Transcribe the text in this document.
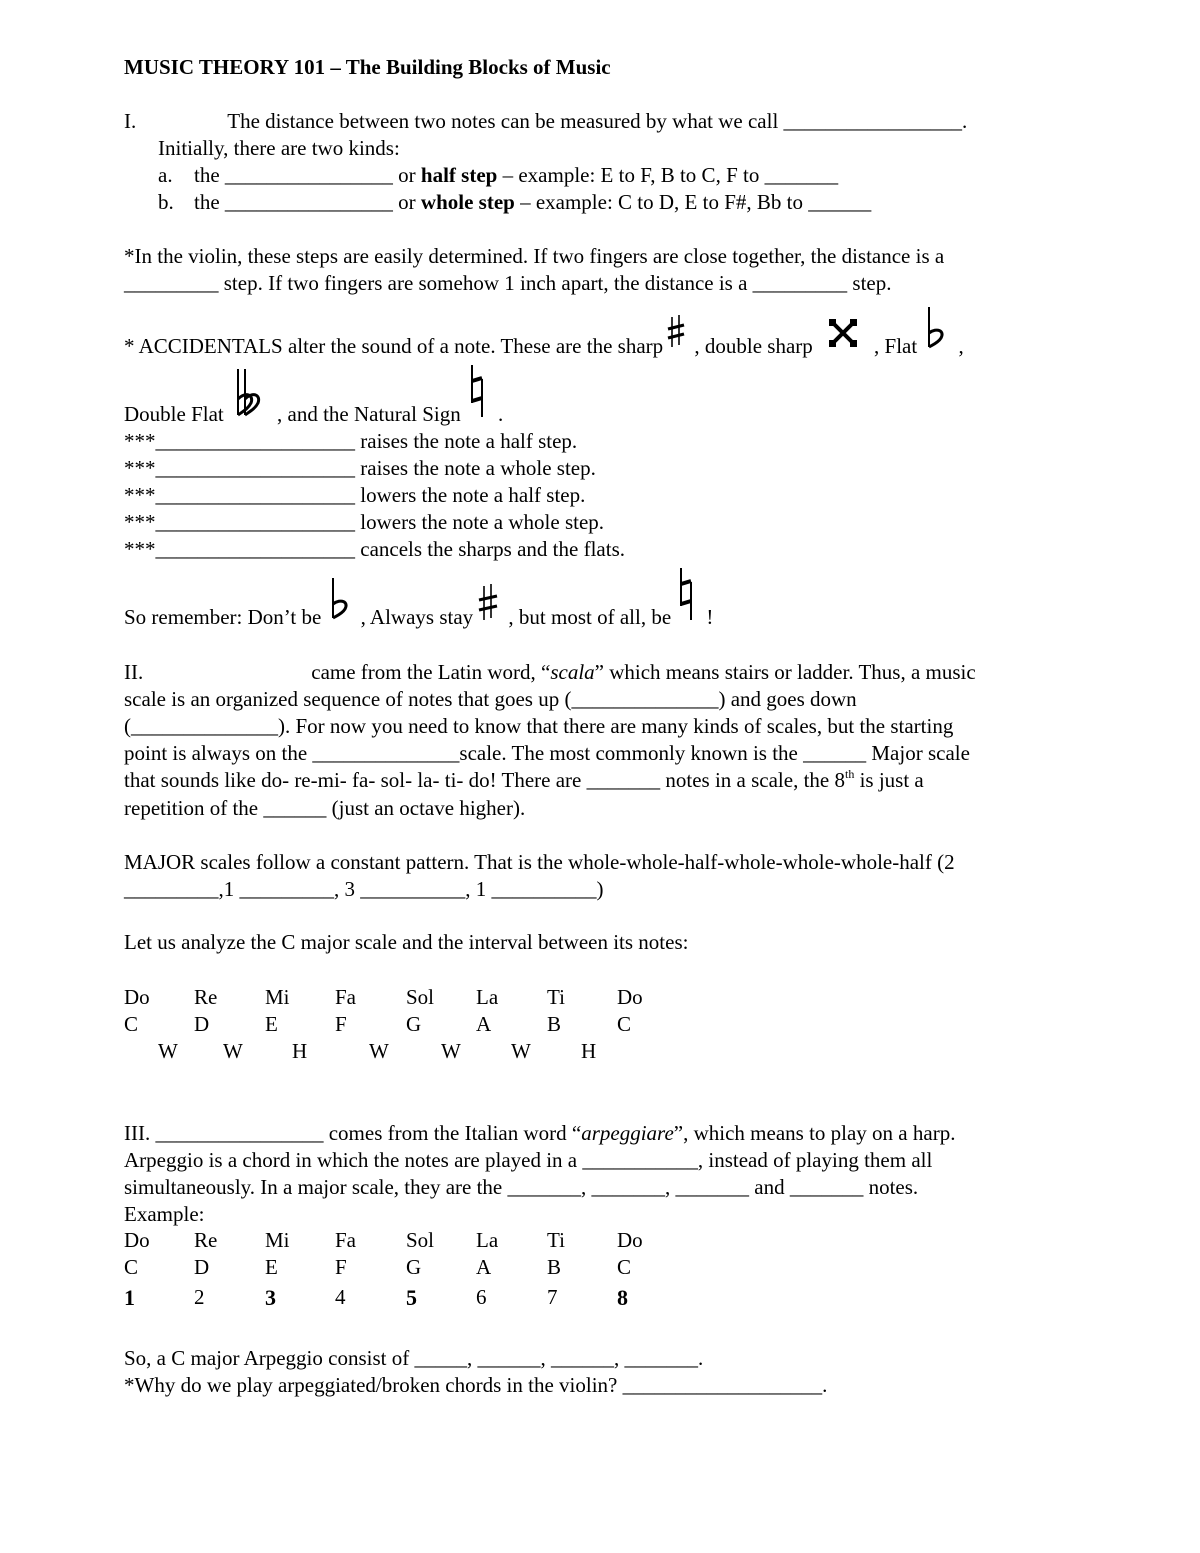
MUSIC THEORY 101 – The Building Blocks of Music
I.	The distance between two notes can be measured by what we call _________________.
Initially, there are two kinds:
a. the ________________ or half step – example: E to F, B to C, F to _______
b. the ________________ or whole step – example: C to D, E to F#, Bb to ______
*In the violin, these steps are easily determined. If two fingers are close together, the distance is a
_________ step. If two fingers are somehow 1 inch apart, the distance is a _________ step.
* ACCIDENTALS alter the sound of a note. These are the sharp
, double sharp	, Flat
,
Double Flat
, and the Natural Sign
.
***___________________ raises the note a half step.
***___________________ raises the note a whole step.
***___________________ lowers the note a half step.
***___________________ lowers the note a whole step.
***___________________ cancels the sharps and the flats.
So remember: Don’t be
, Always stay
, but most of all, be
!
II.	came from the Latin word, “scala” which means stairs or ladder. Thus, a music
scale is an organized sequence of notes that goes up (______________) and goes down
(______________). For now you need to know that there are many kinds of scales, but the starting
point is always on the ______________scale. The most commonly known is the ______ Major scale
that sounds like do- re-mi- fa- sol- la- ti- do! There are _______ notes in a scale, the 8th is just a
repetition of the ______ (just an octave higher).
MAJOR scales follow a constant pattern. That is the whole-whole-half-whole-whole-whole-half (2
_________,1 _________, 3 __________, 1 __________)
Let us analyze the C major scale and the interval between its notes:
Do Re Mi Fa Sol La Ti Do
C	D	E	F	G	A	B	C
W W H	W W W H
III. ________________ comes from the Italian word “arpeggiare”, which means to play on a harp.
Arpeggio is a chord in which the notes are played in a ___________, instead of playing them all
simultaneously. In a major scale, they are the _______, _______, _______ and _______ notes.
Example:
Do Re Mi Fa Sol La Ti Do
C	D	E	F	G	A	B	C
1	2	3	4	5	6	7	8
So, a C major Arpeggio consist of _____, ______, ______, _______.
*Why do we play arpeggiated/broken chords in the violin? ___________________.
